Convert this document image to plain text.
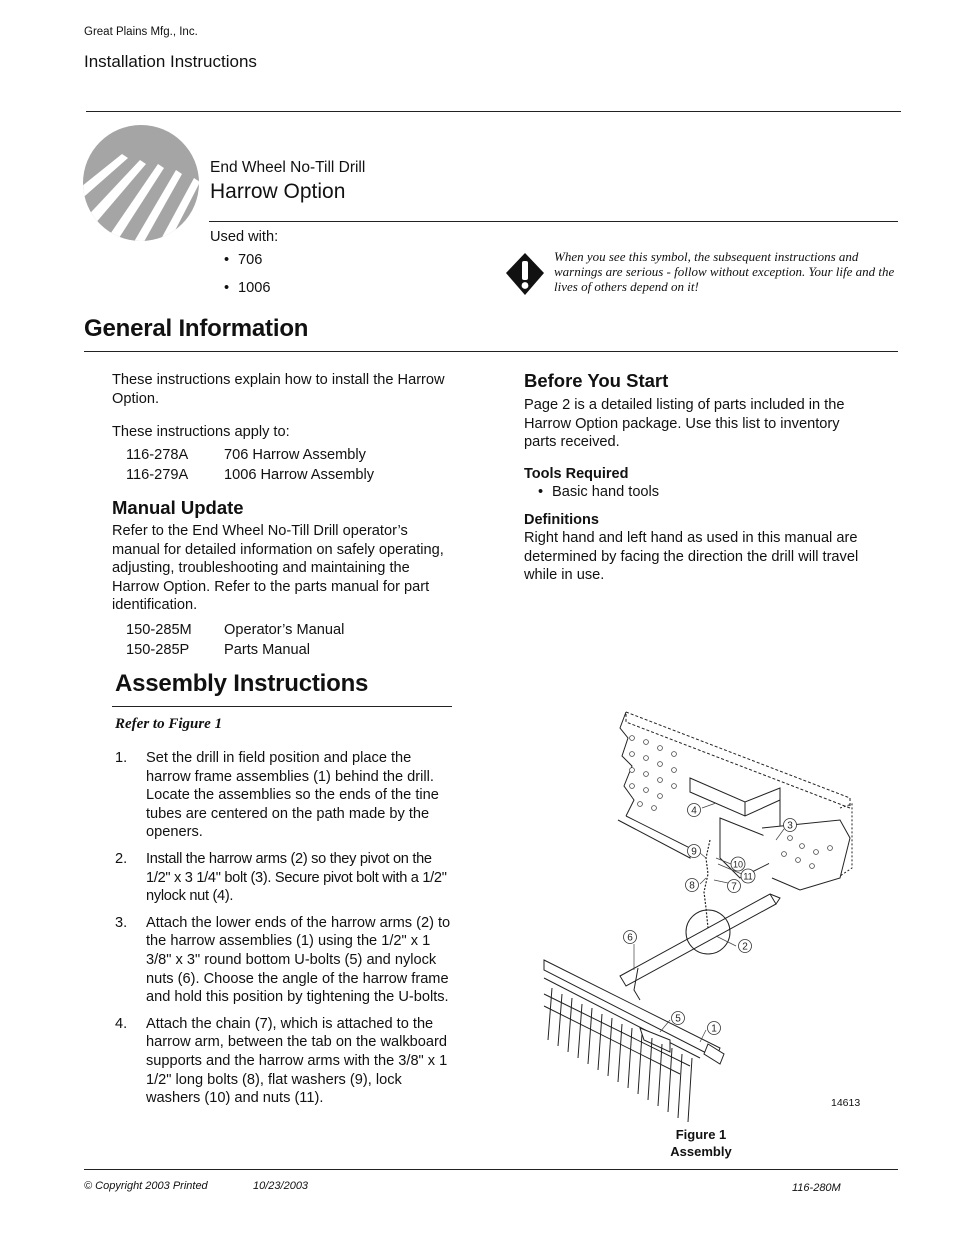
Great Plains Mfg., Inc.
Installation Instructions
End Wheel No-Till Drill
Harrow Option
Used with:
• 706
• 1006
When you see this symbol, the subsequent instructions and warnings are serious - follow without exception. Your life and the lives of others depend on it!
General Information
These instructions explain how to install the Harrow Option.
These instructions apply to:
116-278A	706 Harrow Assembly
116-279A	1006 Harrow Assembly
Manual Update
Refer to the End Wheel No-Till Drill operator’s manual for detailed information on safely operating, adjusting, troubleshooting and maintaining the Harrow Option. Refer to the parts manual for part identification.
150-285M	Operator’s Manual
150-285P	Parts Manual
Before You Start
Page 2 is a detailed listing of parts included in the Harrow Option package. Use this list to inventory parts received.
Tools Required
• Basic hand tools
Definitions
Right hand and left hand as used in this manual are determined by facing the direction the drill will travel while in use.
Assembly Instructions
Refer to Figure 1
1.	Set the drill in field position and place the harrow frame assemblies (1) behind the drill. Locate the assemblies so the ends of the tine tubes are centered on the path made by the openers.
2.	Install the harrow arms (2) so they pivot on the 1/2" x 3 1/4" bolt (3). Secure pivot bolt with a 1/2" nylock nut (4).
3.	Attach the lower ends of the harrow arms (2) to the harrow assemblies (1) using the 1/2" x 1 3/8" x 3" round bottom U-bolts (5) and nylock nuts (6). Choose the angle of the harrow frame and hold this position by tightening the U-bolts.
4.	Attach the chain (7), which is attached to the harrow arm, between the tab on the walkboard supports and the harrow arms with the 3/8" x 1 1/2" long bolts (8), flat washers (9), lock washers (10) and nuts (11).
1
2
3
4
5
6
7
8
9
10
11
14613
Figure 1
Assembly
© Copyright 2003 Printed	10/23/2003	116-280M
